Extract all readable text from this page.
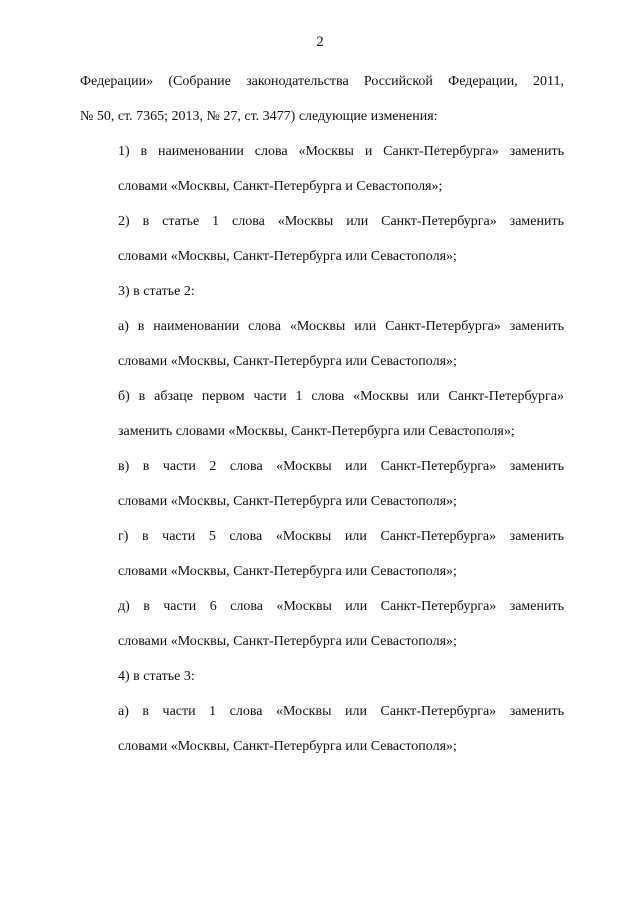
2

Федерации» (Собрание законодательства Российской Федерации, 2011,
№ 50, ст. 7365; 2013, № 27, ст. 3477) следующие изменения:

1) в наименовании слова «Москвы и Санкт-Петербурга» заменить
словами «Москвы, Санкт-Петербурга и Севастополя»;

2) в статье 1 слова «Москвы или Санкт-Петербурга» заменить
словами «Москвы, Санкт-Петербурга или Севастополя»;

3) в статье 2:

а) в наименовании слова «Москвы или Санкт-Петербурга» заменить
словами «Москвы, Санкт-Петербурга или Севастополя»;

б) в абзаце первом части 1 слова «Москвы или Санкт-Петербурга»
заменить словами «Москвы, Санкт-Петербурга или Севастополя»;

в) в части 2 слова «Москвы или Санкт-Петербурга» заменить
словами «Москвы, Санкт-Петербурга или Севастополя»;

г) в части 5 слова «Москвы или Санкт-Петербурга» заменить
словами «Москвы, Санкт-Петербурга или Севастополя»;

д) в части 6 слова «Москвы или Санкт-Петербурга» заменить
словами «Москвы, Санкт-Петербурга или Севастополя»;

4) в статье 3:

а) в части 1 слова «Москвы или Санкт-Петербурга» заменить
словами «Москвы, Санкт-Петербурга или Севастополя»;
